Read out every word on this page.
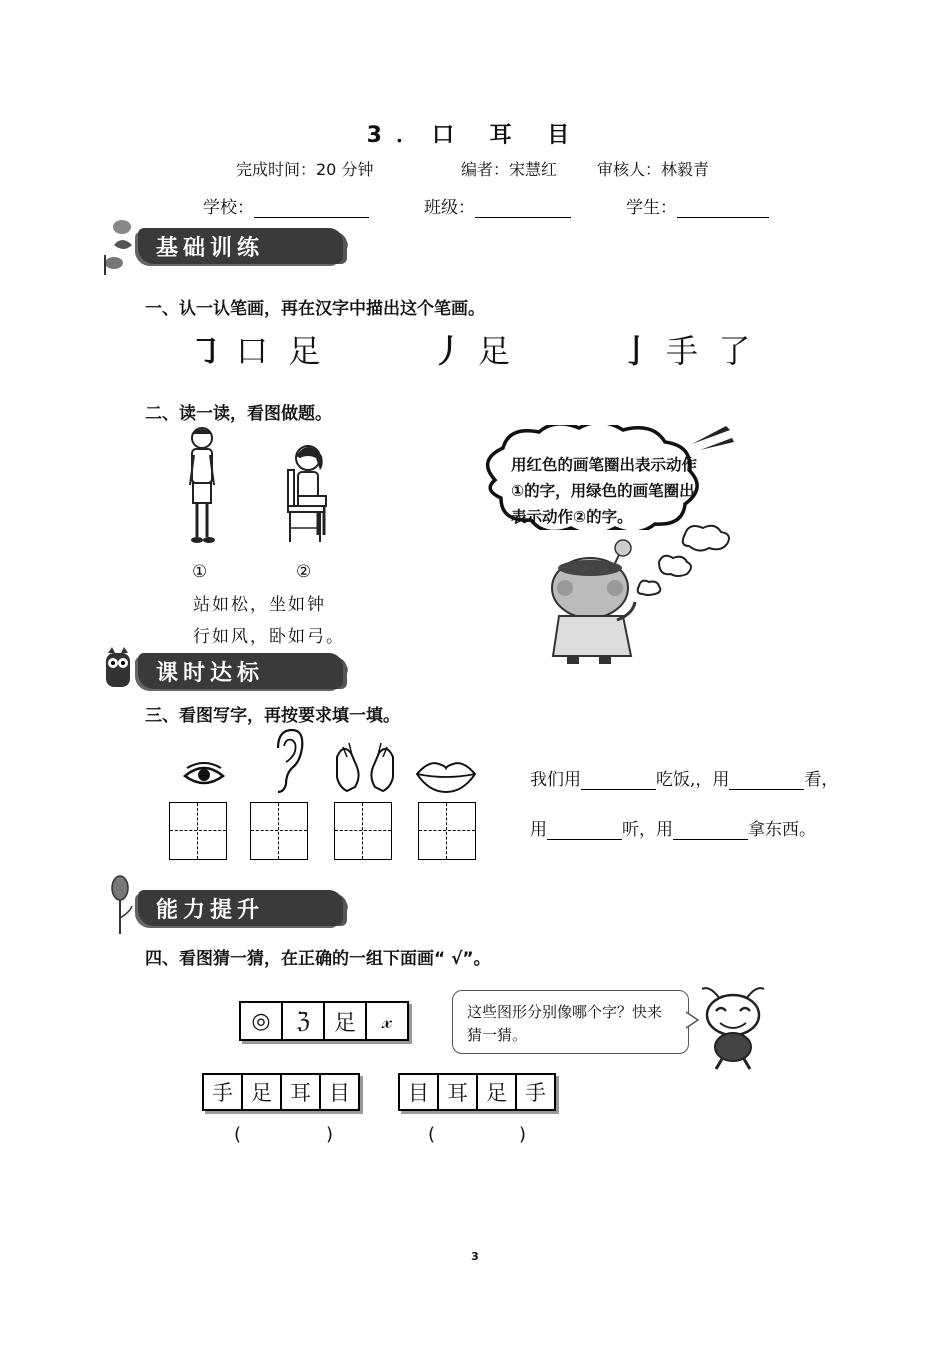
3．口 耳 目
完成时间：20 分钟	编者：宋慧红 审核人：林毅青
学校：	班级：	学生：
基础训练
一、认一认笔画，再在汉字中描出这个笔画。
㇆ 口  足	丿 足	亅 手  了
二、读一读，看图做题。
①	②
站如松，坐如钟
行如风，卧如弓。
用红色的画笔圈出表示动作①的字，用绿色的画笔圈出表示动作②的字。
课时达标
三、看图写字，再按要求填一填。
我们用	吃饭,，用	看，
用	听，用	拿东西。
能力提升
四、看图猜一猜，在正确的一组下面画“ √”。
◎	ℨ	足	𝓍	这些图形分别像哪个字？快来猜一猜。
手 足 耳 目	目 耳 足 手
(	)	(	)
3
